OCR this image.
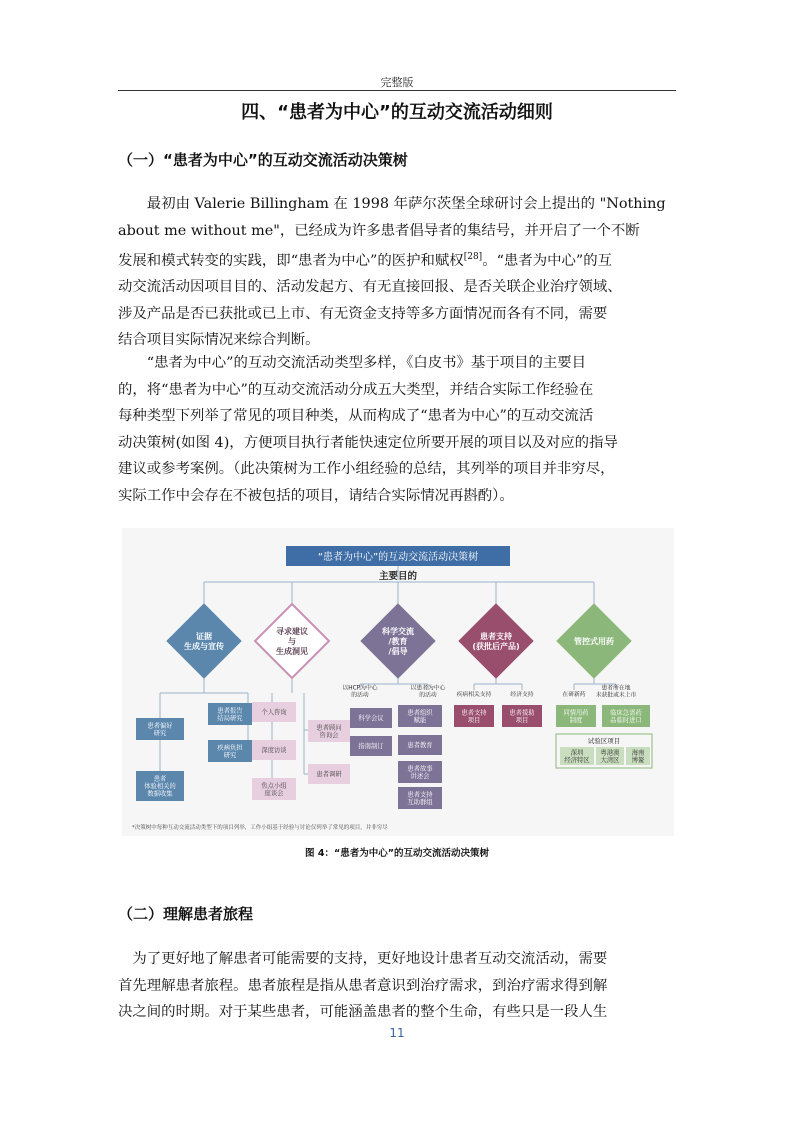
完整版
四、“患者为中心”的互动交流活动细则
（一）“患者为中心”的互动交流活动决策树
最初由 Valerie Billingham 在 1998 年萨尔茨堡全球研讨会上提出的 "Nothing
about me without me"，已经成为许多患者倡导者的集结号，并开启了一个不断
发展和模式转变的实践，即“患者为中心”的医护和赋权[28]。“患者为中心”的互
动交流活动因项目目的、活动发起方、有无直接回报、是否关联企业治疗领域、
涉及产品是否已获批或已上市、有无资金支持等多方面情况而各有不同，需要
结合项目实际情况来综合判断。
“患者为中心”的互动交流活动类型多样，《白皮书》基于项目的主要目
的，将“患者为中心”的互动交流活动分成五大类型，并结合实际工作经验在
每种类型下列举了常见的项目种类，从而构成了“患者为中心”的互动交流活
动决策树(如图 4)，方便项目执行者能快速定位所要开展的项目以及对应的指导
建议或参考案例。（此决策树为工作小组经验的总结，其列举的项目并非穷尽，
实际工作中会存在不被包括的项目，请结合实际情况再斟酌）。
“患者为中心”的互动交流活动决策树
主要目的
证据生成与宣传
寻求建议与生成洞见
科学交流/教育/倡导
患者支持(获批后产品)
管控式用药
以HCP为中心的活动
以患者为中心的活动	疾病相关支持	经济支持	在研新药
患者所在地未获批或未上市
患者偏好研究
患者体验相关的数据收集
患者报告结局研究
疾病负担研究
个人咨询
深度访谈
焦点小组座谈会
患者顾问咨询会
患者调研
科学会议
指南制订
患者组织赋能
患者教育
患者故事讲述会
患者支持互助群组
患者支持项目
患者援助项目
同情用药制度
临床急需药品临时进口
深圳经济特区
粤港澳大湾区
海南博鳌
试验区项目
*决策树中每种互动交流活动类型下的项目列举，工作小组基于经验与讨论仅列举了常见的项目，并非穷尽
图 4：“患者为中心”的互动交流活动决策树
（二）理解患者旅程
为了更好地了解患者可能需要的支持，更好地设计患者互动交流活动，需要
首先理解患者旅程。患者旅程是指从患者意识到治疗需求，到治疗需求得到解
决之间的时期。对于某些患者，可能涵盖患者的整个生命，有些只是一段人生
11
